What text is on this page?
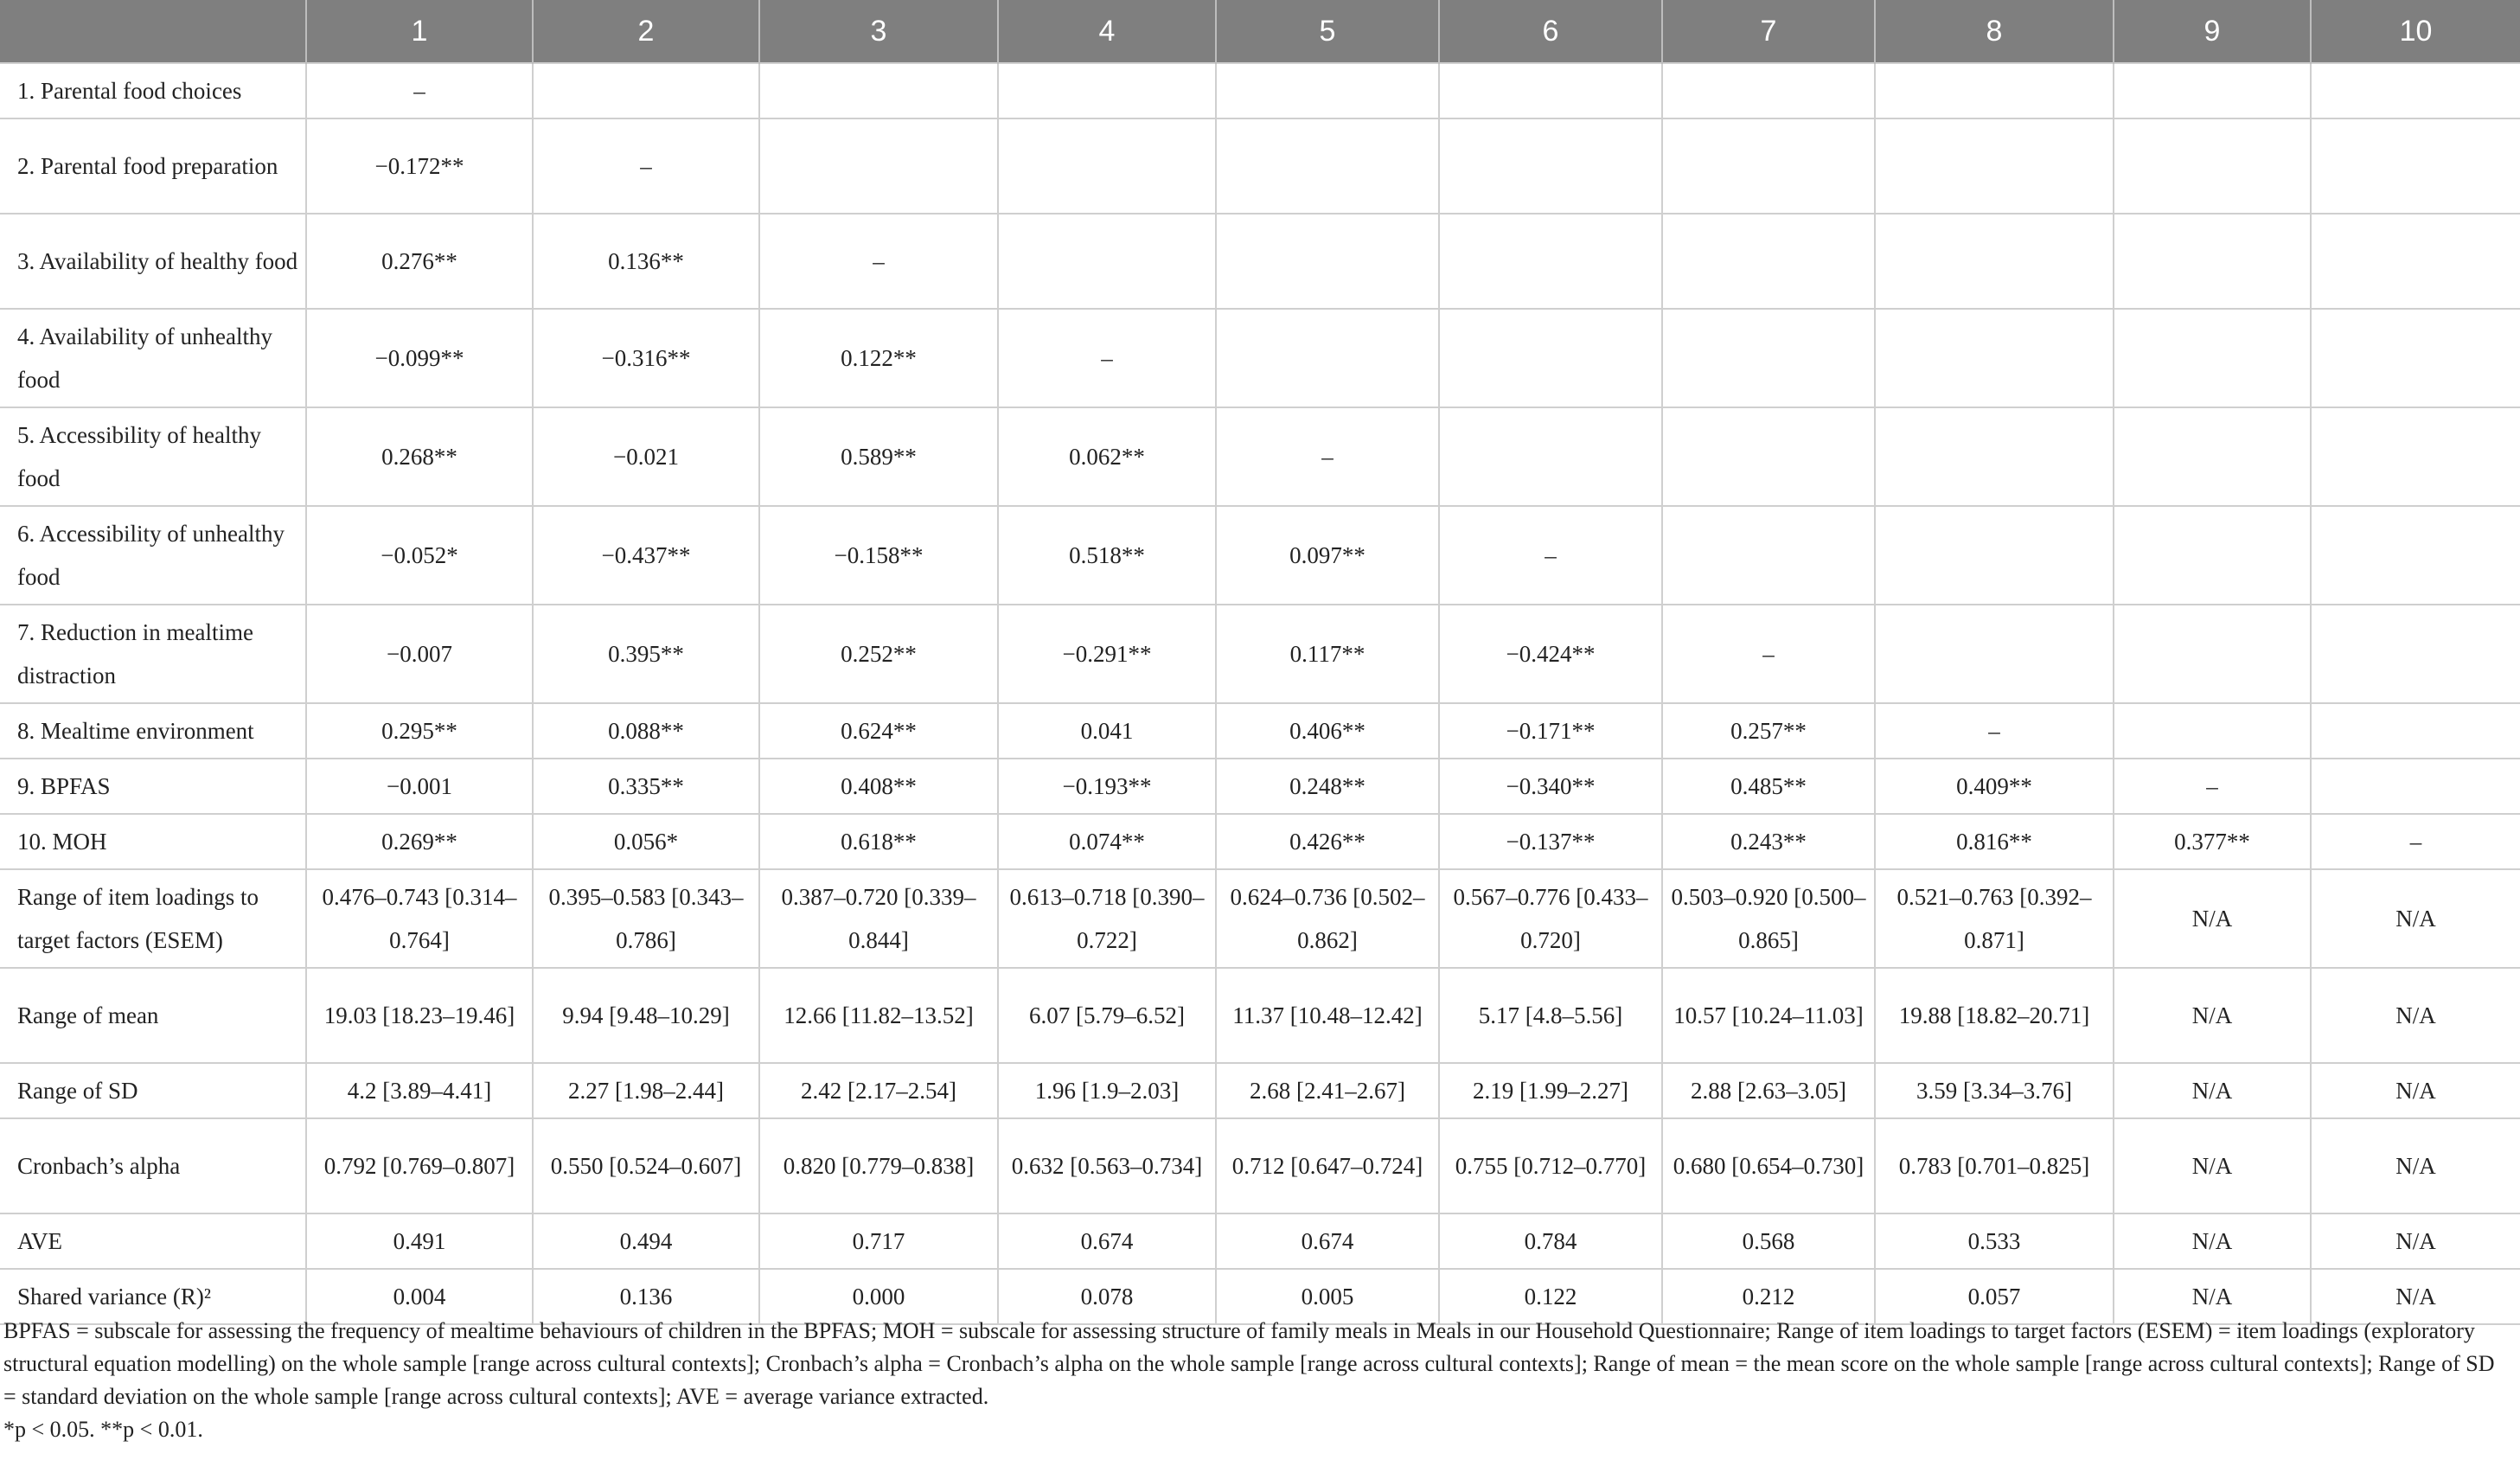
	1	2	3	4	5	6	7	8	9	10
1. Parental food choices	–									
2. Parental food preparation	−0.172**	–								
3. Availability of healthy food	0.276**	0.136**	–							
4. Availability of unhealthy food	−0.099**	−0.316**	0.122**	–						
5. Accessibility of healthy food	0.268**	−0.021	0.589**	0.062**	–					
6. Accessibility of unhealthy food	−0.052*	−0.437**	−0.158**	0.518**	0.097**	–				
7. Reduction in mealtime distraction	−0.007	0.395**	0.252**	−0.291**	0.117**	−0.424**	–			
8. Mealtime environment	0.295**	0.088**	0.624**	0.041	0.406**	−0.171**	0.257**	–		
9. BPFAS	−0.001	0.335**	0.408**	−0.193**	0.248**	−0.340**	0.485**	0.409**	–	
10. MOH	0.269**	0.056*	0.618**	0.074**	0.426**	−0.137**	0.243**	0.816**	0.377**	–
Range of item loadings to target factors (ESEM)	0.476–0.743 [0.314–0.764]	0.395–0.583 [0.343–0.786]	0.387–0.720 [0.339–0.844]	0.613–0.718 [0.390–0.722]	0.624–0.736 [0.502–0.862]	0.567–0.776 [0.433–0.720]	0.503–0.920 [0.500–0.865]	0.521–0.763 [0.392–0.871]	N/A	N/A
Range of mean	19.03 [18.23–19.46]	9.94 [9.48–10.29]	12.66 [11.82–13.52]	6.07 [5.79–6.52]	11.37 [10.48–12.42]	5.17 [4.8–5.56]	10.57 [10.24–11.03]	19.88 [18.82–20.71]	N/A	N/A
Range of SD	4.2 [3.89–4.41]	2.27 [1.98–2.44]	2.42 [2.17–2.54]	1.96 [1.9–2.03]	2.68 [2.41–2.67]	2.19 [1.99–2.27]	2.88 [2.63–3.05]	3.59 [3.34–3.76]	N/A	N/A
Cronbach’s alpha	0.792 [0.769–0.807]	0.550 [0.524–0.607]	0.820 [0.779–0.838]	0.632 [0.563–0.734]	0.712 [0.647–0.724]	0.755 [0.712–0.770]	0.680 [0.654–0.730]	0.783 [0.701–0.825]	N/A	N/A
AVE	0.491	0.494	0.717	0.674	0.674	0.784	0.568	0.533	N/A	N/A
Shared variance (R)²	0.004	0.136	0.000	0.078	0.005	0.122	0.212	0.057	N/A	N/A

BPFAS = subscale for assessing the frequency of mealtime behaviours of children in the BPFAS; MOH = subscale for assessing structure of family meals in Meals in our Household Questionnaire; Range of item loadings to target factors (ESEM) = item loadings (exploratory structural equation modelling) on the whole sample [range across cultural contexts]; Cronbach’s alpha = Cronbach’s alpha on the whole sample [range across cultural contexts]; Range of mean = the mean score on the whole sample [range across cultural contexts]; Range of SD = standard deviation on the whole sample [range across cultural contexts]; AVE = average variance extracted.

*p < 0.05. **p < 0.01.
